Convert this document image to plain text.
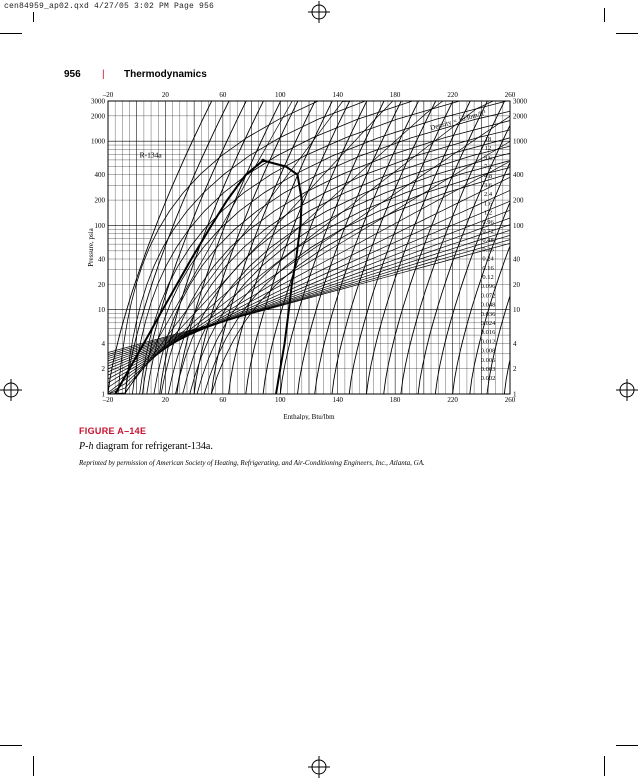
cen84959_ap02.qxd 4/27/05 3:02 PM Page 956
956 | Thermodynamics
–20
–20
20
20
60
60
100
100
140
140
180
180
220
220
260
260
1	1
2	2
4	4
10	10
20	20
40	40
100	100
200	200
400	400
1000	1000
2000	2000
3000	3000
18
12
9.6
7.2
4.8
3.6
2.4
1.6
1.2
0.96
0.72
0.48
0.36
0.24
0.16
0.12
0.096
0.072
0.048
0.036
0.024
0.016
0.012
0.008
0.006
0.003
0.002
Enthalpy, Btu/lbm
Pressure, psia
R-134a
Density = 18 lbm/ft³
FIGURE A–14E
P-h diagram for refrigerant-134a.
Reprinted by permission of American Society of Heating, Refrigerating, and Air-Conditioning Engineers, Inc., Atlanta, GA.
